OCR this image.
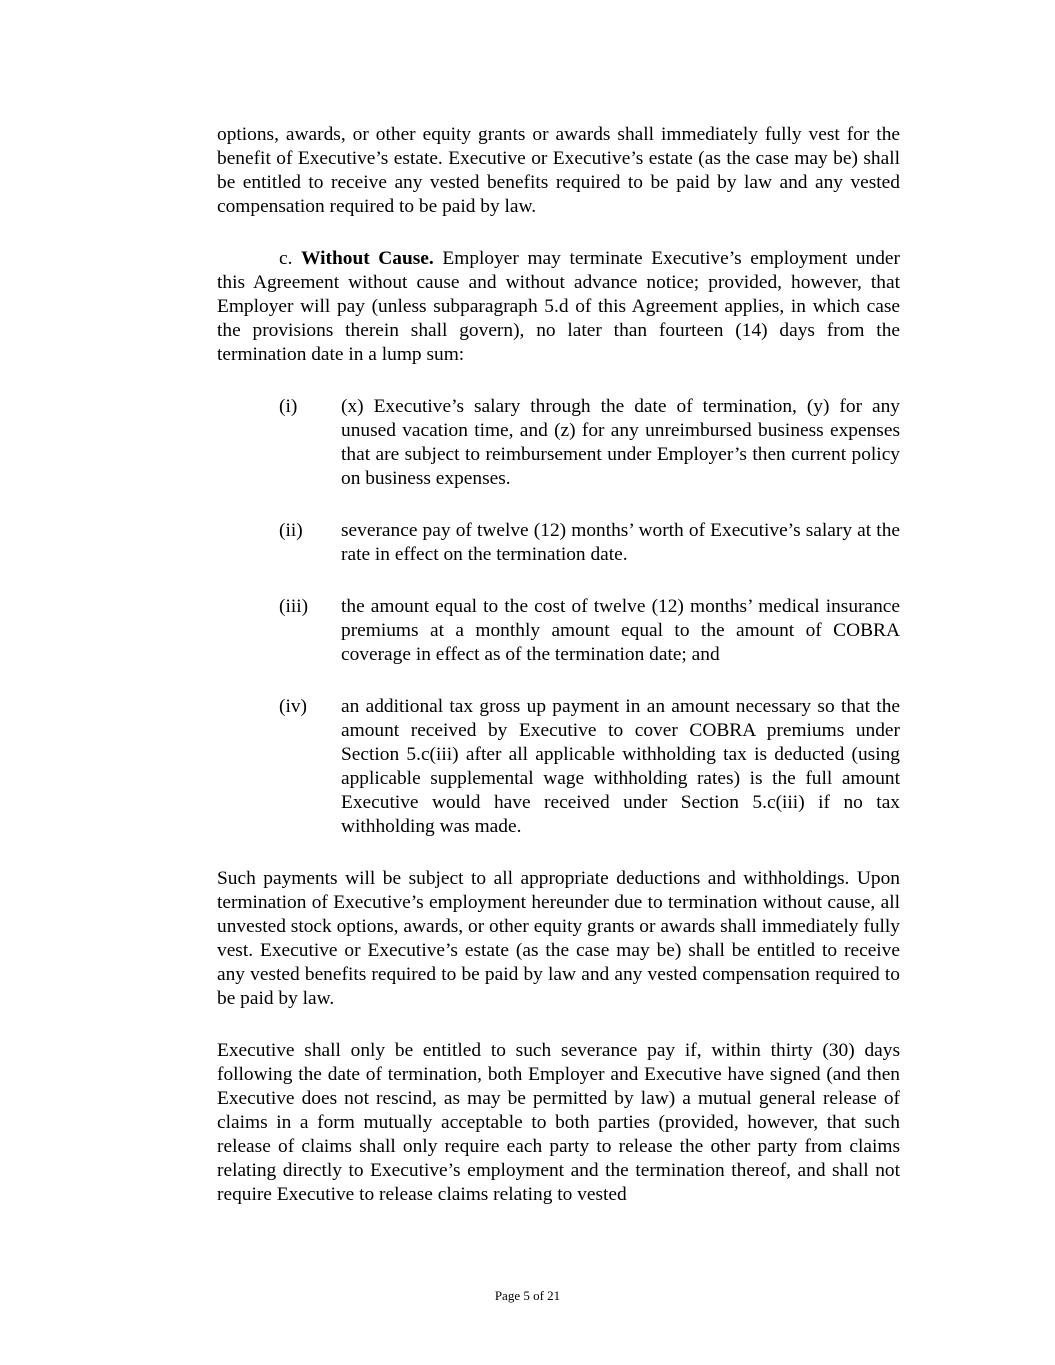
options, awards, or other equity grants or awards shall immediately fully vest for the benefit of Executive’s estate. Executive or Executive’s estate (as the case may be) shall be entitled to receive any vested benefits required to be paid by law and any vested compensation required to be paid by law.

c. Without Cause. Employer may terminate Executive’s employment under this Agreement without cause and without advance notice; provided, however, that Employer will pay (unless subparagraph 5.d of this Agreement applies, in which case the provisions therein shall govern), no later than fourteen (14) days from the termination date in a lump sum:

(i) (x) Executive’s salary through the date of termination, (y) for any unused vacation time, and (z) for any unreimbursed business expenses that are subject to reimbursement under Employer’s then current policy on business expenses.
(ii) severance pay of twelve (12) months’ worth of Executive’s salary at the rate in effect on the termination date.
(iii) the amount equal to the cost of twelve (12) months’ medical insurance premiums at a monthly amount equal to the amount of COBRA coverage in effect as of the termination date; and
(iv) an additional tax gross up payment in an amount necessary so that the amount received by Executive to cover COBRA premiums under Section 5.c(iii) after all applicable withholding tax is deducted (using applicable supplemental wage withholding rates) is the full amount Executive would have received under Section 5.c(iii) if no tax withholding was made.

Such payments will be subject to all appropriate deductions and withholdings. Upon termination of Executive’s employment hereunder due to termination without cause, all unvested stock options, awards, or other equity grants or awards shall immediately fully vest. Executive or Executive’s estate (as the case may be) shall be entitled to receive any vested benefits required to be paid by law and any vested compensation required to be paid by law.

Executive shall only be entitled to such severance pay if, within thirty (30) days following the date of termination, both Employer and Executive have signed (and then Executive does not rescind, as may be permitted by law) a mutual general release of claims in a form mutually acceptable to both parties (provided, however, that such release of claims shall only require each party to release the other party from claims relating directly to Executive’s employment and the termination thereof, and shall not require Executive to release claims relating to vested

Page 5 of 21
